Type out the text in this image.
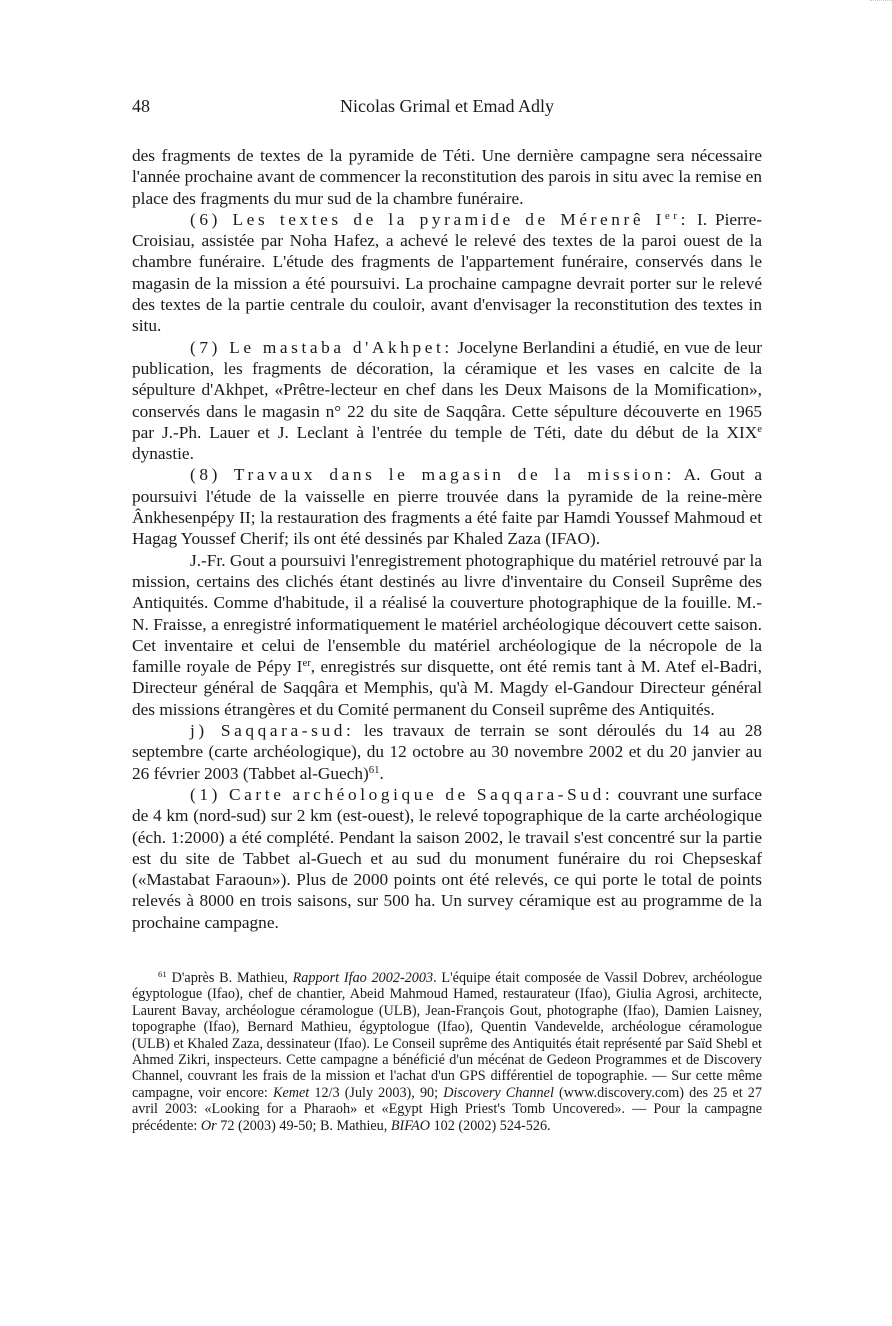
48	Nicolas Grimal et Emad Adly

des fragments de textes de la pyramide de Téti. Une dernière campagne sera nécessaire l'année prochaine avant de commencer la reconstitution des parois in situ avec la remise en place des fragments du mur sud de la chambre funéraire.

(6) Les textes de la pyramide de Mérenrê Ier: I. Pierre-Croisiau, assistée par Noha Hafez, a achevé le relevé des textes de la paroi ouest de la chambre funéraire. L'étude des fragments de l'appartement funéraire, conservés dans le magasin de la mission a été poursuivi. La prochaine campagne devrait porter sur le relevé des textes de la partie centrale du couloir, avant d'envisager la reconstitution des textes in situ.

(7) Le mastaba d'Akhpet: Jocelyne Berlandini a étudié, en vue de leur publication, les fragments de décoration, la céramique et les vases en calcite de la sépulture d'Akhpet, «Prêtre-lecteur en chef dans les Deux Maisons de la Momification», conservés dans le magasin n° 22 du site de Saqqâra. Cette sépulture découverte en 1965 par J.-Ph. Lauer et J. Leclant à l'entrée du temple de Téti, date du début de la XIXe dynastie.

(8) Travaux dans le magasin de la mission: A. Gout a poursuivi l'étude de la vaisselle en pierre trouvée dans la pyramide de la reine-mère Ânkhesenpépy II; la restauration des fragments a été faite par Hamdi Youssef Mahmoud et Hagag Youssef Cherif; ils ont été dessinés par Khaled Zaza (IFAO).

J.-Fr. Gout a poursuivi l'enregistrement photographique du matériel retrouvé par la mission, certains des clichés étant destinés au livre d'inventaire du Conseil Suprême des Antiquités. Comme d'habitude, il a réalisé la couverture photographique de la fouille. M.-N. Fraisse, a enregistré informatiquement le matériel archéologique découvert cette saison. Cet inventaire et celui de l'ensemble du matériel archéologique de la nécropole de la famille royale de Pépy Ier, enregistrés sur disquette, ont été remis tant à M. Atef el-Badri, Directeur général de Saqqâra et Memphis, qu'à M. Magdy el-Gandour Directeur général des missions étrangères et du Comité permanent du Conseil suprême des Antiquités.

j) Saqqara-sud: les travaux de terrain se sont déroulés du 14 au 28 septembre (carte archéologique), du 12 octobre au 30 novembre 2002 et du 20 janvier au 26 février 2003 (Tabbet al-Guech)$^{61}$.

(1) Carte archéologique de Saqqara-Sud: couvrant une surface de 4 km (nord-sud) sur 2 km (est-ouest), le relevé topographique de la carte archéologique (éch. 1:2000) a été complété. Pendant la saison 2002, le travail s'est concentré sur la partie est du site de Tabbet al-Guech et au sud du monument funéraire du roi Chepseskaf («Mastabat Faraoun»). Plus de 2000 points ont été relevés, ce qui porte le total de points relevés à 8000 en trois saisons, sur 500 ha. Un survey céramique est au programme de la prochaine campagne.

$^{61}$ D'après B. Mathieu, Rapport Ifao 2002-2003. L'équipe était composée de Vassil Dobrev, archéologue égyptologue (Ifao), chef de chantier, Abeid Mahmoud Hamed, restaurateur (Ifao), Giulia Agrosi, architecte, Laurent Bavay, archéologue céramologue (ULB), Jean-François Gout, photographe (Ifao), Damien Laisney, topographe (Ifao), Bernard Mathieu, égyptologue (Ifao), Quentin Vandevelde, archéologue céramologue (ULB) et Khaled Zaza, dessinateur (Ifao). Le Conseil suprême des Antiquités était représenté par Saïd Shebl et Ahmed Zikri, inspecteurs. Cette campagne a bénéficié d'un mécénat de Gedeon Programmes et de Discovery Channel, couvrant les frais de la mission et l'achat d'un GPS différentiel de topographie. — Sur cette même campagne, voir encore: Kemet 12/3 (July 2003), 90; Discovery Channel (www.discovery.com) des 25 et 27 avril 2003: «Looking for a Pharaoh» et «Egypt High Priest's Tomb Uncovered». — Pour la campagne précédente: Or 72 (2003) 49-50; B. Mathieu, BIFAO 102 (2002) 524-526.
